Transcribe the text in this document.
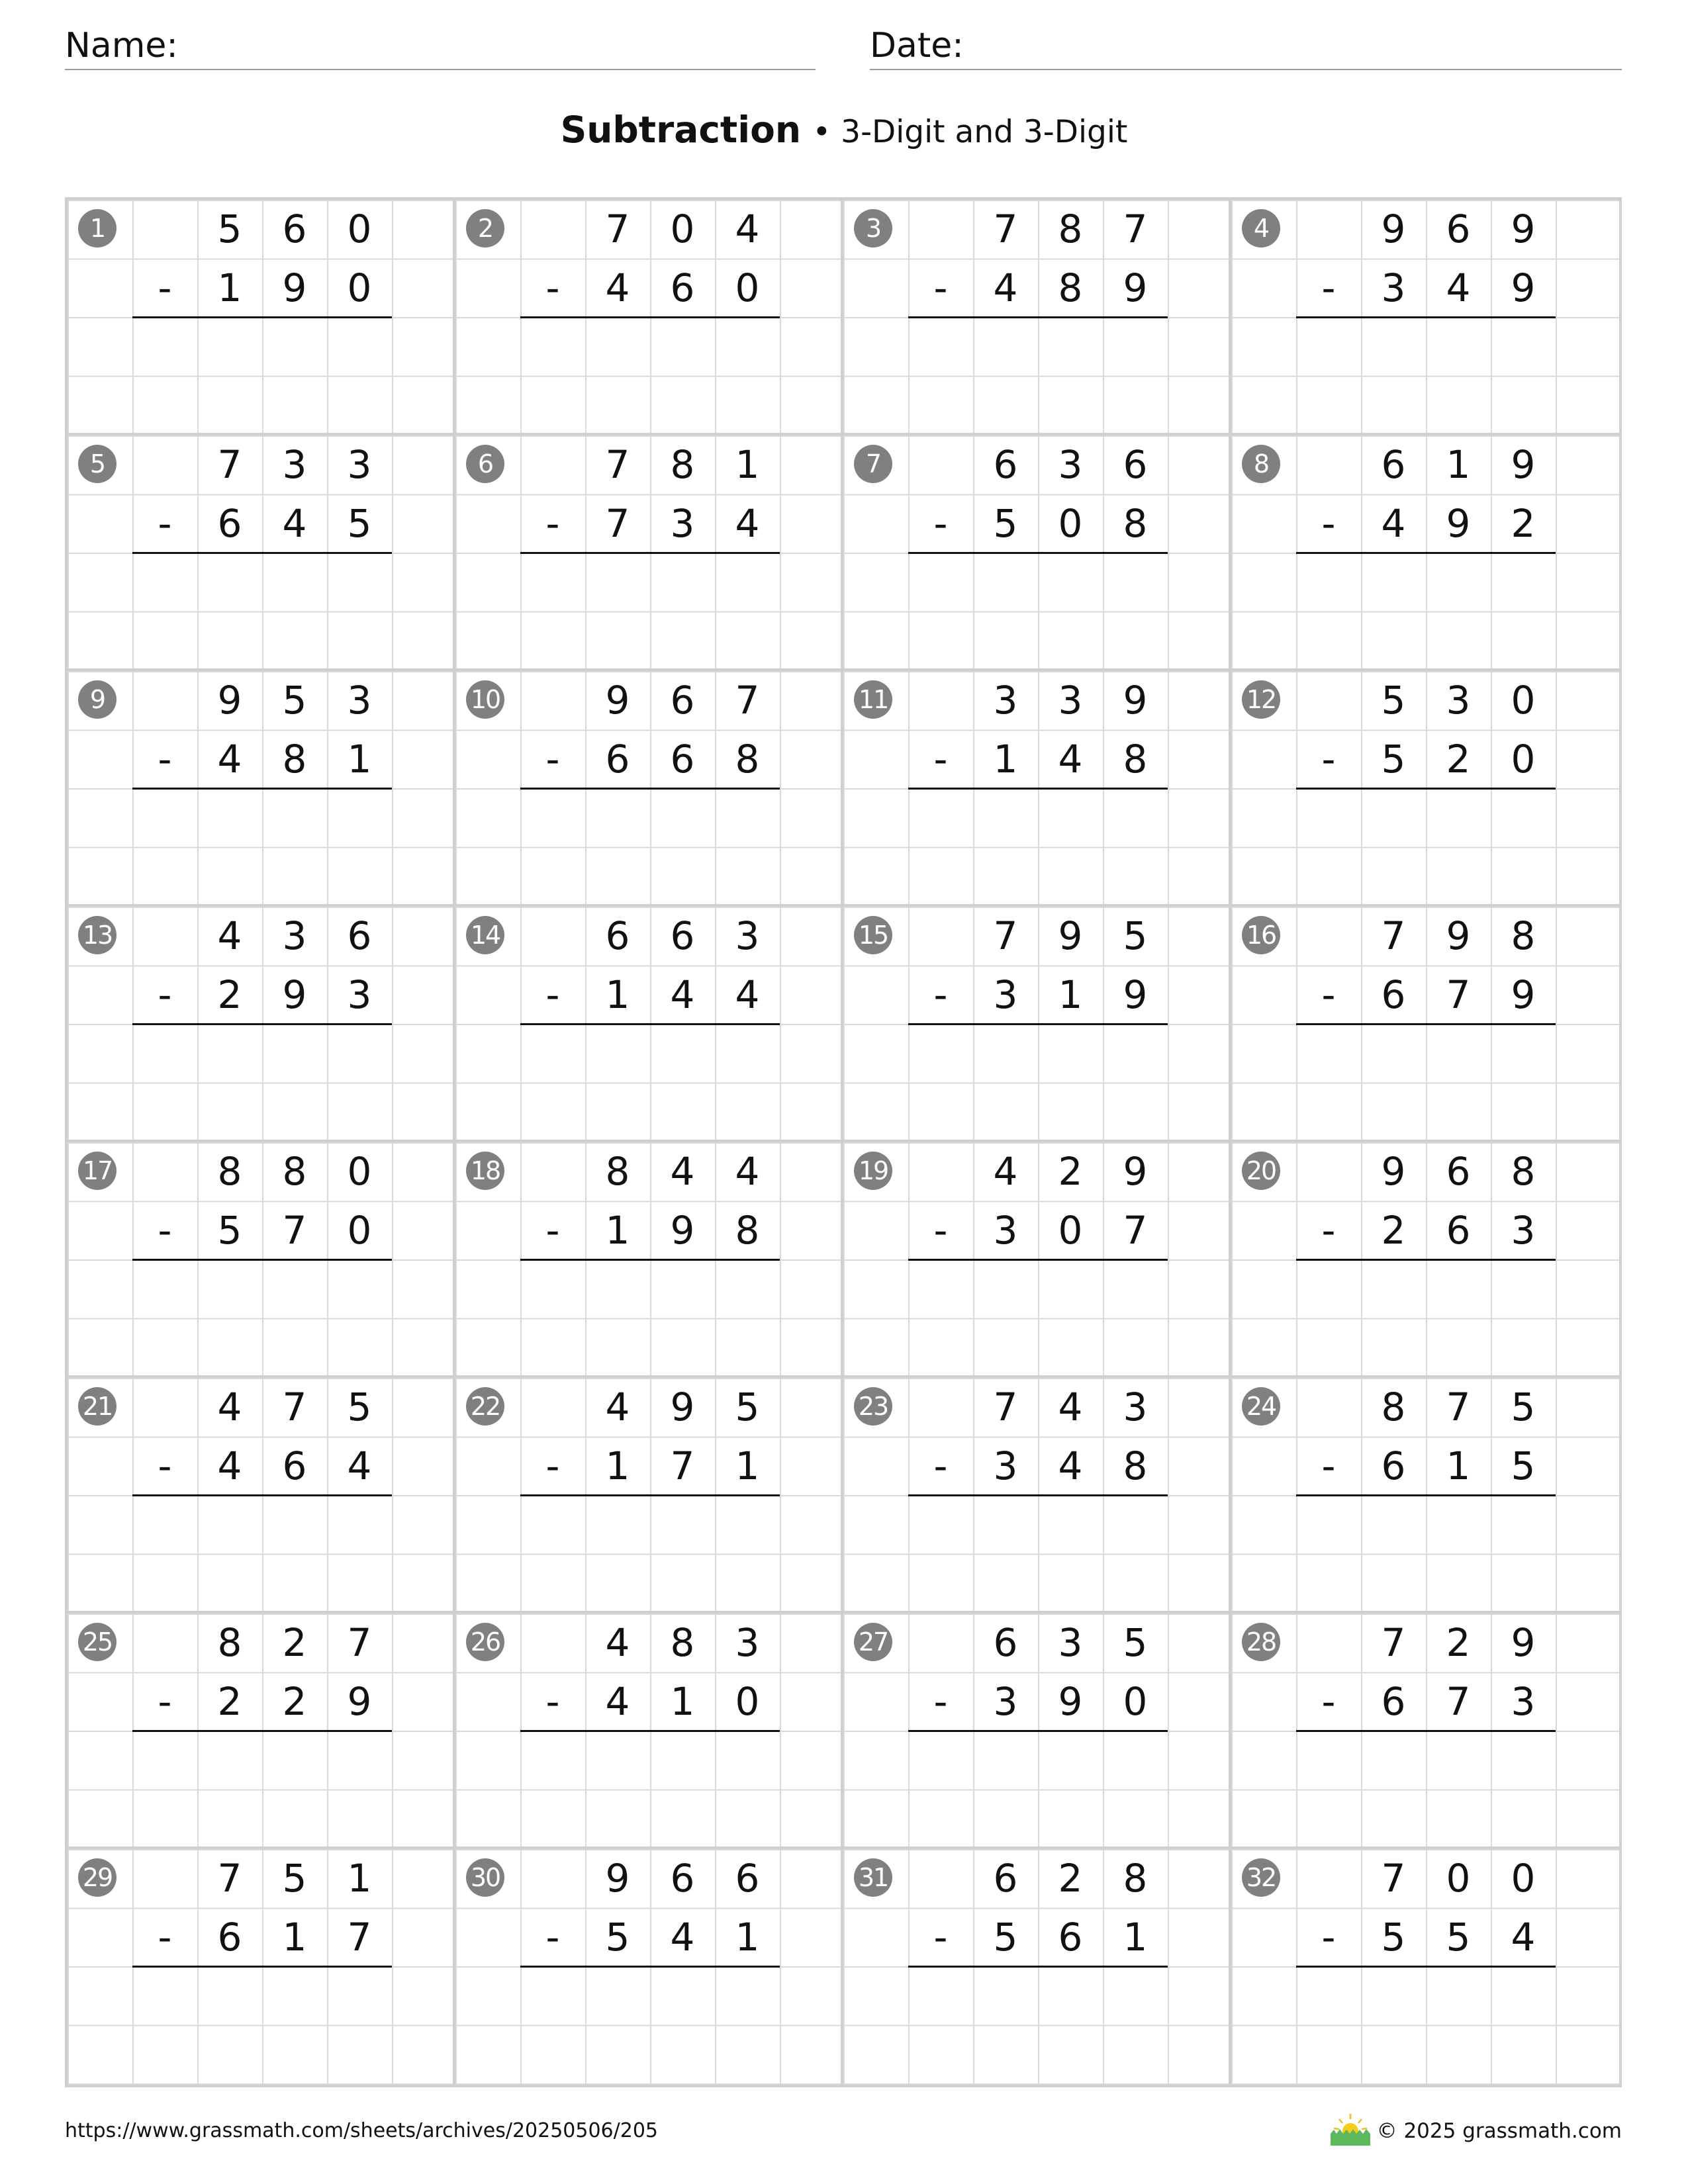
Name:	Date:
Subtraction • 3-Digit and 3-Digit
1	5	6	0
-	1	9	0
2	7	0	4
-	4	6	0
3	7	8	7
-	4	8	9
4	9	6	9
-	3	4	9
5	7	3	3
-	6	4	5
6	7	8	1
-	7	3	4
7	6	3	6
-	5	0	8
8	6	1	9
-	4	9	2
9	9	5	3
-	4	8	1
10	9	6	7
-	6	6	8
11	3	3	9
-	1	4	8
12	5	3	0
-	5	2	0
13	4	3	6
-	2	9	3
14	6	6	3
-	1	4	4
15	7	9	5
-	3	1	9
16	7	9	8
-	6	7	9
17	8	8	0
-	5	7	0
18	8	4	4
-	1	9	8
19	4	2	9
-	3	0	7
20	9	6	8
-	2	6	3
21	4	7	5
-	4	6	4
22	4	9	5
-	1	7	1
23	7	4	3
-	3	4	8
24	8	7	5
-	6	1	5
25	8	2	7
-	2	2	9
26	4	8	3
-	4	1	0
27	6	3	5
-	3	9	0
28	7	2	9
-	6	7	3
29	7	5	1
-	6	1	7
30	9	6	6
-	5	4	1
31	6	2	8
-	5	6	1
32	7	0	0
-	5	5	4
https://www.grassmath.com/sheets/archives/20250506/205	© 2025 grassmath.com
